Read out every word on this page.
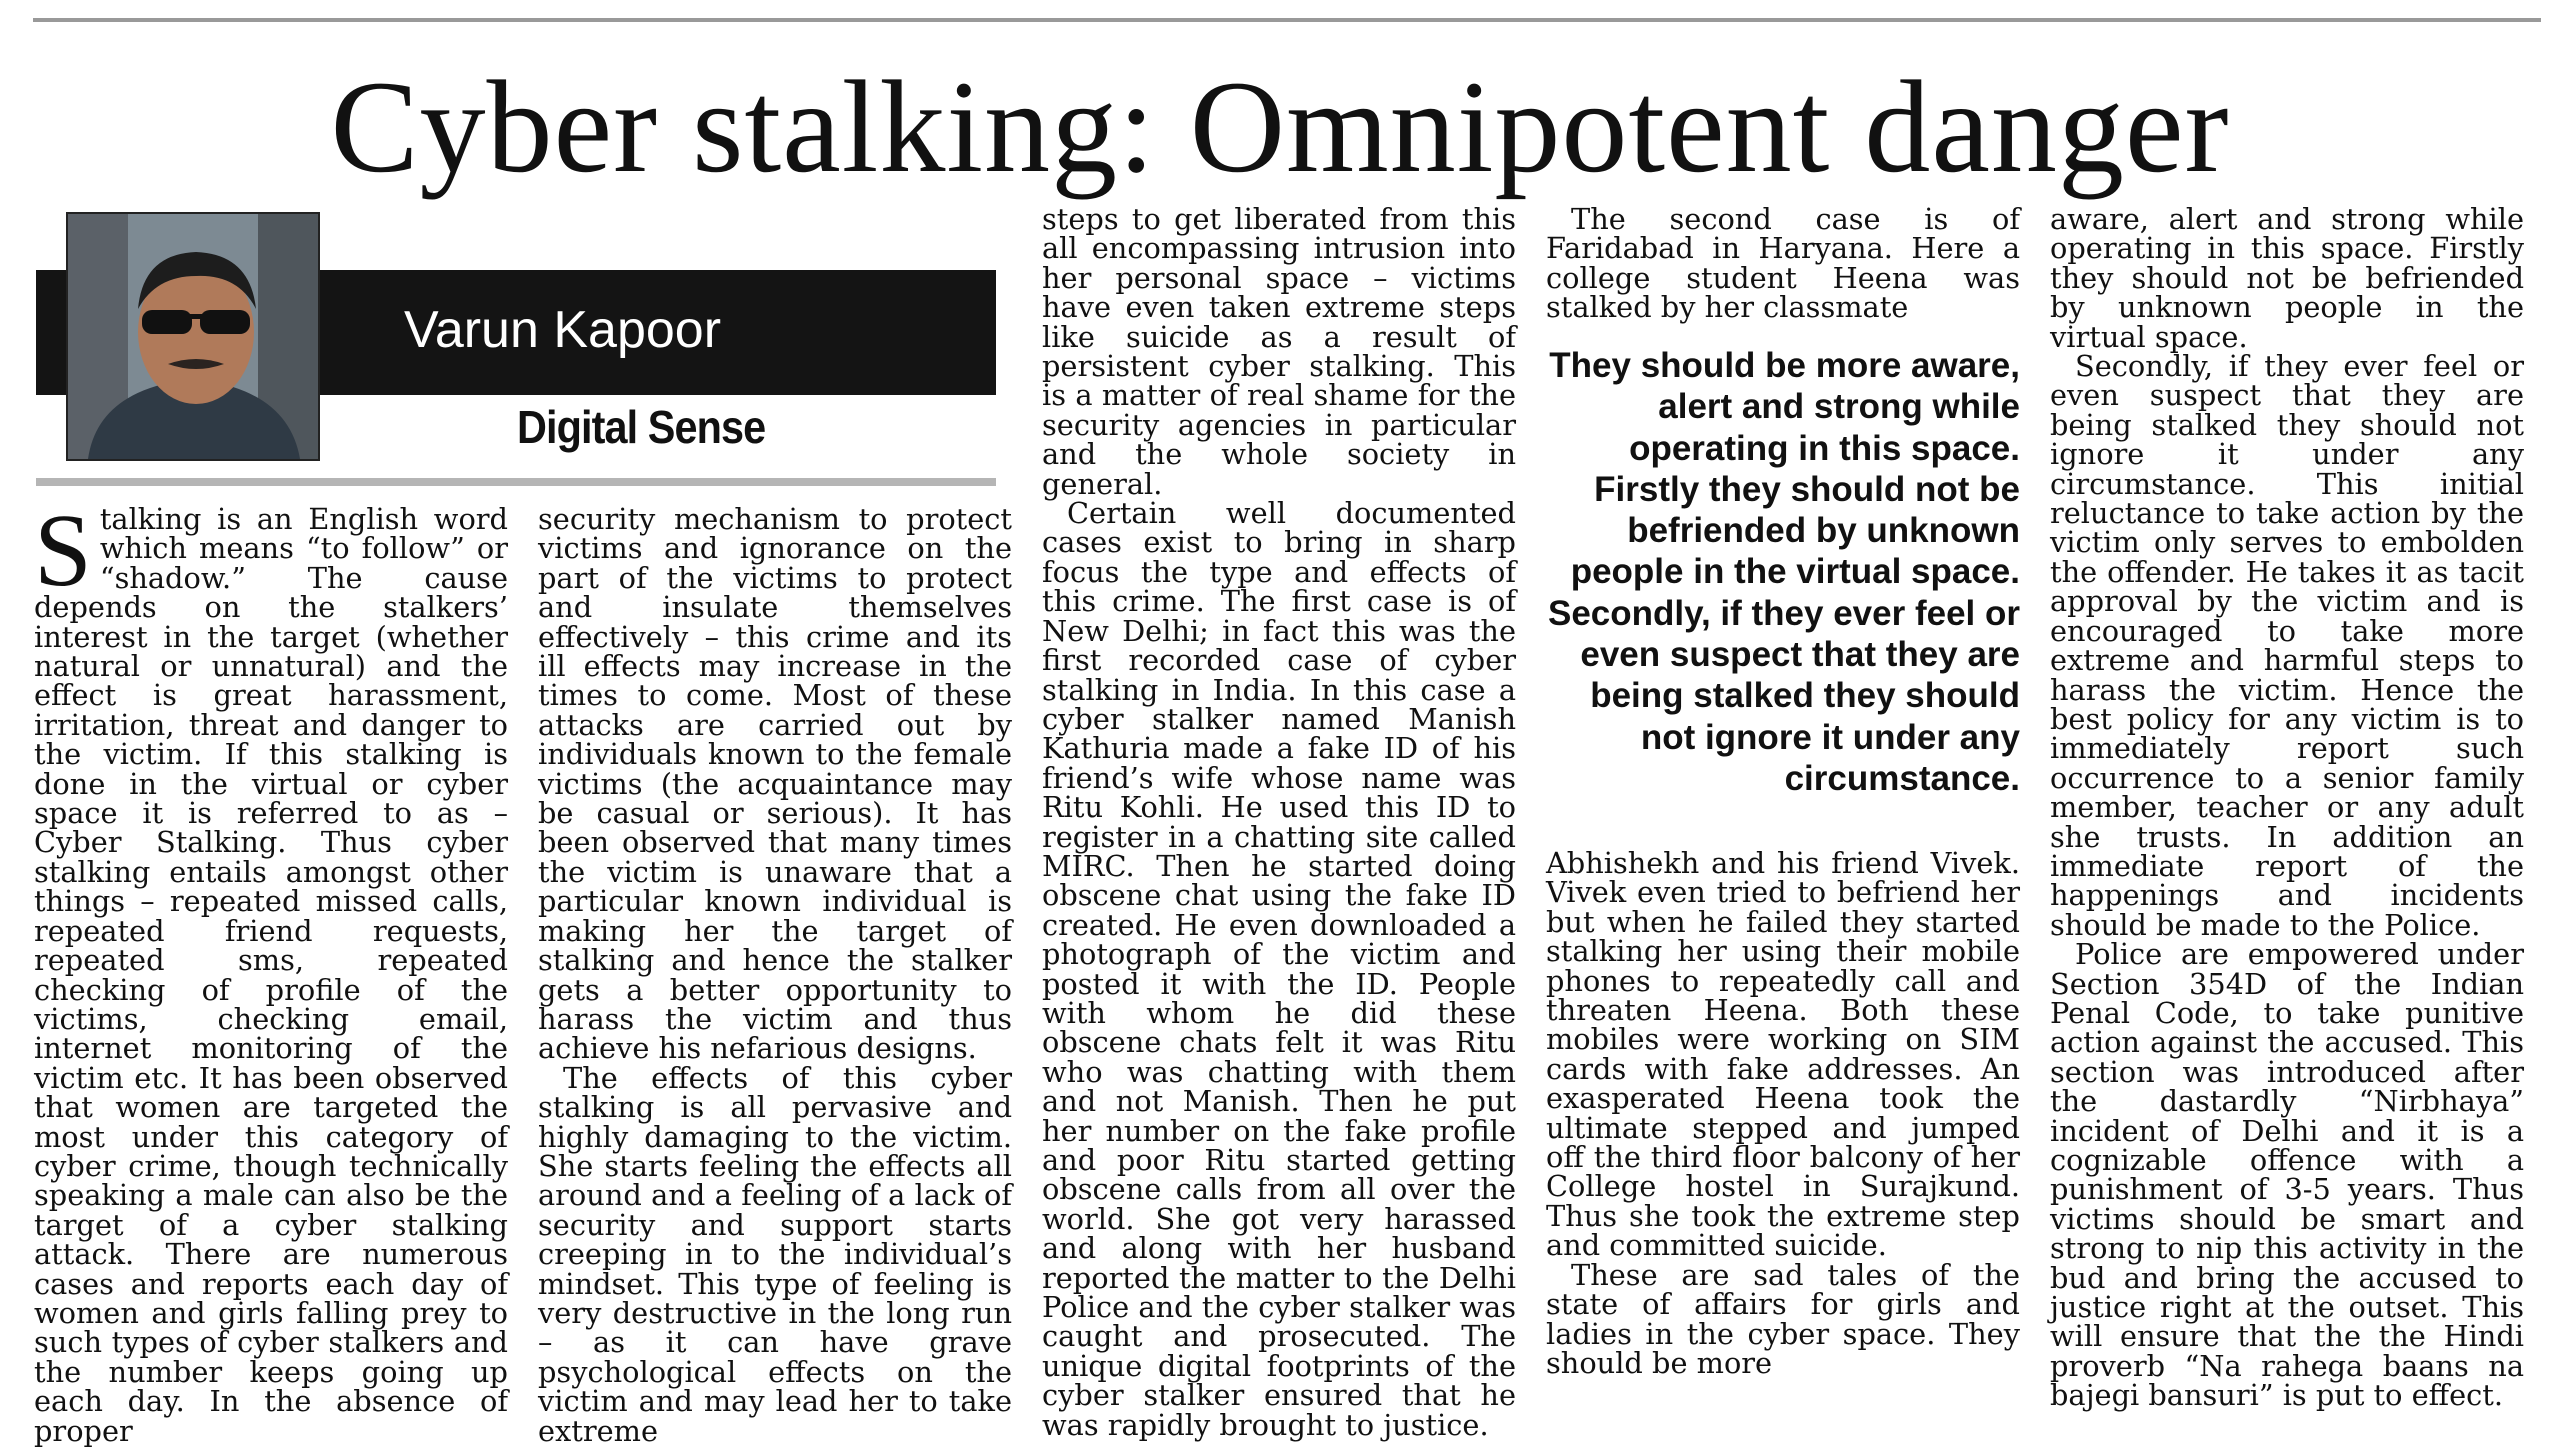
Cyber stalking: Omnipotent danger
Varun Kapoor
Digital Sense

Stalking is an English word which means “to follow” or “shadow.” The cause depends on the stalkers’ interest in the target (whether natural or unnatural) and the effect is great harassment, irritation, threat and danger to the victim. If this stalking is done in the virtual or cyber space it is referred to as – Cyber Stalking. Thus cyber stalking entails amongst other things – repeated missed calls, repeated friend requests, repeated sms, repeated checking of profile of the victims, checking email, internet monitoring of the victim etc. It has been observed that women are targeted the most under this category of cyber crime, though technically speaking a male can also be the target of a cyber stalking attack. There are numerous cases and reports each day of women and girls falling prey to such types of cyber stalkers and the number keeps going up each day. In the absence of proper

security mechanism to protect victims and ignorance on the part of the victims to protect and insulate themselves effectively – this crime and its ill effects may increase in the times to come. Most of these attacks are carried out by individuals known to the female victims (the acquaintance may be casual or serious). It has been observed that many times the victim is unaware that a particular known individual is making her the target of stalking and hence the stalker gets a better opportunity to harass the victim and thus achieve his nefarious designs.

The effects of this cyber stalking is all pervasive and highly damaging to the victim. She starts feeling the effects all around and a feeling of a lack of security and support starts creeping in to the individual’s mindset. This type of feeling is very destructive in the long run – as it can have grave psychological effects on the victim and may lead her to take extreme

steps to get liberated from this all encompassing intrusion into her personal space – victims have even taken extreme steps like suicide as a result of persistent cyber stalking. This is a matter of real shame for the security agencies in particular and the whole society in general.

Certain well documented cases exist to bring in sharp focus the type and effects of this crime. The first case is of New Delhi; in fact this was the first recorded case of cyber stalking in India. In this case a cyber stalker named Manish Kathuria made a fake ID of his friend’s wife whose name was Ritu Kohli. He used this ID to register in a chatting site called MIRC. Then he started doing obscene chat using the fake ID created. He even downloaded a photograph of the victim and posted it with the ID. People with whom he did these obscene chats felt it was Ritu who was chatting with them and not Manish. Then he put her number on the fake profile and poor Ritu started getting obscene calls from all over the world. She got very harassed and along with her husband reported the matter to the Delhi Police and the cyber stalker was caught and prosecuted. The unique digital footprints of the cyber stalker ensured that he was rapidly brought to justice.

The second case is of Faridabad in Haryana. Here a college student Heena was stalked by her classmate

They should be more aware, alert and strong while operating in this space. Firstly they should not be befriended by unknown people in the virtual space. Secondly, if they ever feel or even suspect that they are being stalked they should not ignore it under any circumstance.

Abhishekh and his friend Vivek. Vivek even tried to befriend her but when he failed they started stalking her using their mobile phones to repeatedly call and threaten Heena. Both these mobiles were working on SIM cards with fake addresses. An exasperated Heena took the ultimate stepped and jumped off the third floor balcony of her College hostel in Surajkund. Thus she took the extreme step and committed suicide.

These are sad tales of the state of affairs for girls and ladies in the cyber space. They should be more

aware, alert and strong while operating in this space. Firstly they should not be befriended by unknown people in the virtual space.

Secondly, if they ever feel or even suspect that they are being stalked they should not ignore it under any circumstance. This initial reluctance to take action by the victim only serves to embolden the offender. He takes it as tacit approval by the victim and is encouraged to take more extreme and harmful steps to harass the victim. Hence the best policy for any victim is to immediately report such occurrence to a senior family member, teacher or any adult she trusts. In addition an immediate report of the happenings and incidents should be made to the Police.

Police are empowered under Section 354D of the Indian Penal Code, to take punitive action against the accused. This section was introduced after the dastardly “Nirbhaya” incident of Delhi and it is a cognizable offence with a punishment of 3-5 years. Thus victims should be smart and strong to nip this activity in the bud and bring the accused to justice right at the outset. This will ensure that the the Hindi proverb “Na rahega baans na bajegi bansuri” is put to effect.
